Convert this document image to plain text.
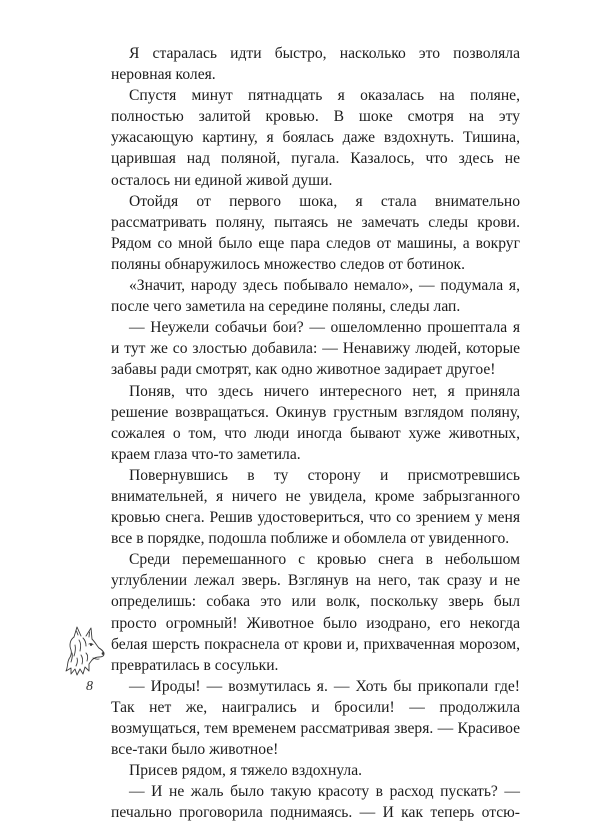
Я старалась идти быстро, насколько это позволяла неровная колея.

Спустя минут пятнадцать я оказалась на поляне, полностью залитой кровью. В шоке смотря на эту ужасающую картину, я боялась даже вздохнуть. Тишина, царившая над поляной, пугала. Казалось, что здесь не осталось ни единой живой души.

Отойдя от первого шока, я стала внимательно рассматривать поляну, пытаясь не замечать следы крови. Рядом со мной было еще пара следов от машины, а вокруг поляны обнаружилось множество следов от ботинок.

«Значит, народу здесь побывало немало», — подумала я, после чего заметила на середине поляны, следы лап.

— Неужели собачьи бои? — ошеломленно прошептала я и тут же со злостью добавила: — Ненавижу людей, которые забавы ради смотрят, как одно животное задирает другое!

Поняв, что здесь ничего интересного нет, я приняла решение возвращаться. Окинув грустным взглядом поляну, сожалея о том, что люди иногда бывают хуже животных, краем глаза что-то заметила.

Повернувшись в ту сторону и присмотревшись внимательней, я ничего не увидела, кроме забрызганного кровью снега. Решив удостовериться, что со зрением у меня все в порядке, подошла поближе и обомлела от увиденного.

Среди перемешанного с кровью снега в небольшом углублении лежал зверь. Взглянув на него, так сразу и не определишь: собака это или волк, поскольку зверь был просто огромный! Животное было изодрано, его некогда белая шерсть покраснела от крови и, прихваченная морозом, превратилась в сосульки.

— Ироды! — возмутилась я. — Хоть бы прикопали где! Так нет же, наигрались и бросили! — продолжила возмущаться, тем временем рассматривая зверя. — Красивое все-таки было животное!

Присев рядом, я тяжело вздохнула.

— И не жаль было такую красоту в расход пускать? — печально проговорила поднимаясь. — И как теперь отсю-

8
